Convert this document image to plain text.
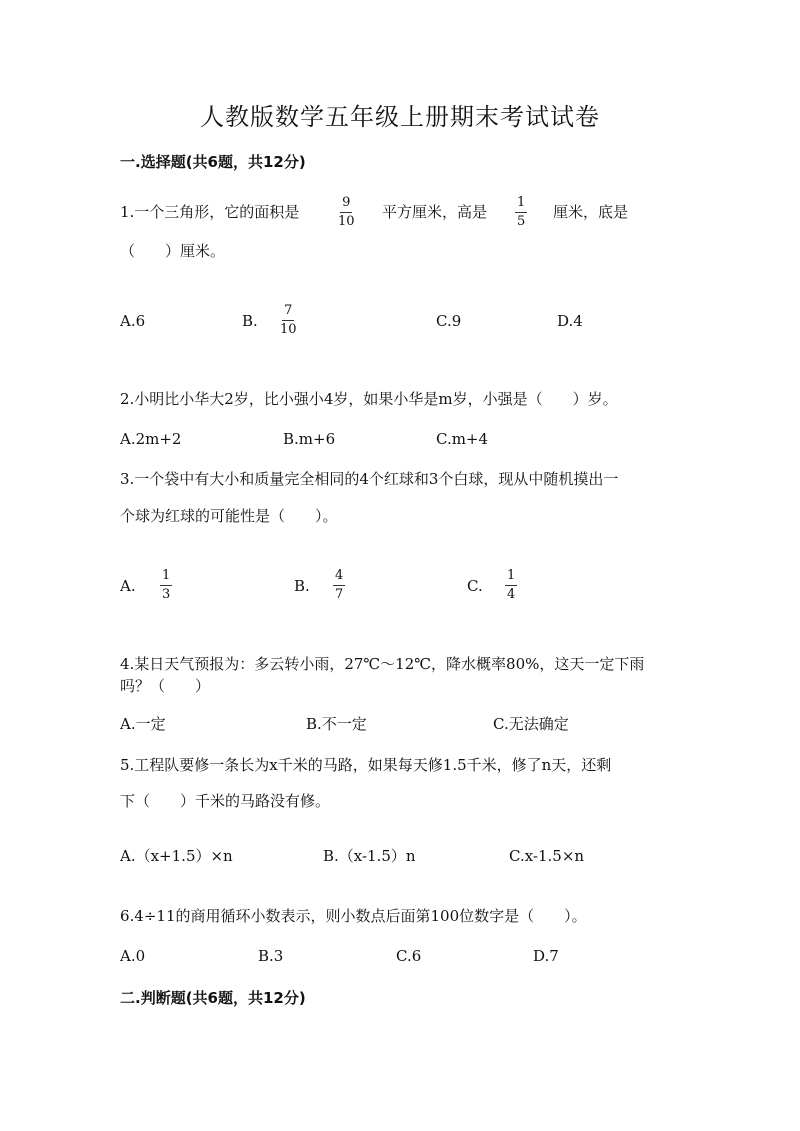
人教版数学五年级上册期末考试试卷
一.选择题(共6题，共12分)
1.一个三角形，它的面积是	$\frac{9}{10}$ 平方厘米，高是 $\frac{1}{5}$ 厘米，底是
（　　）厘米。
A.6	B. $\frac{7}{10}$	C.9	D.4
2.小明比小华大2岁，比小强小4岁，如果小华是m岁，小强是（　　）岁。
A.2m+2	B.m+6	C.m+4
3.一个袋中有大小和质量完全相同的4个红球和3个白球，现从中随机摸出一
个球为红球的可能性是（　　）。
A. $\frac{1}{3}$	B. $\frac{4}{7}$	C. $\frac{1}{4}$
4.某日天气预报为：多云转小雨，27℃～12℃，降水概率80%，这天一定下雨
吗？（　　）
A.一定	B.不一定	C.无法确定
5.工程队要修一条长为x千米的马路，如果每天修1.5千米，修了n天，还剩
下（　　）千米的马路没有修。
A.（x+1.5）×n	B.（x-1.5）n	C.x-1.5×n
6.4÷11的商用循环小数表示，则小数点后面第100位数字是（　　）。
A.0	B.3	C.6	D.7
二.判断题(共6题，共12分)
